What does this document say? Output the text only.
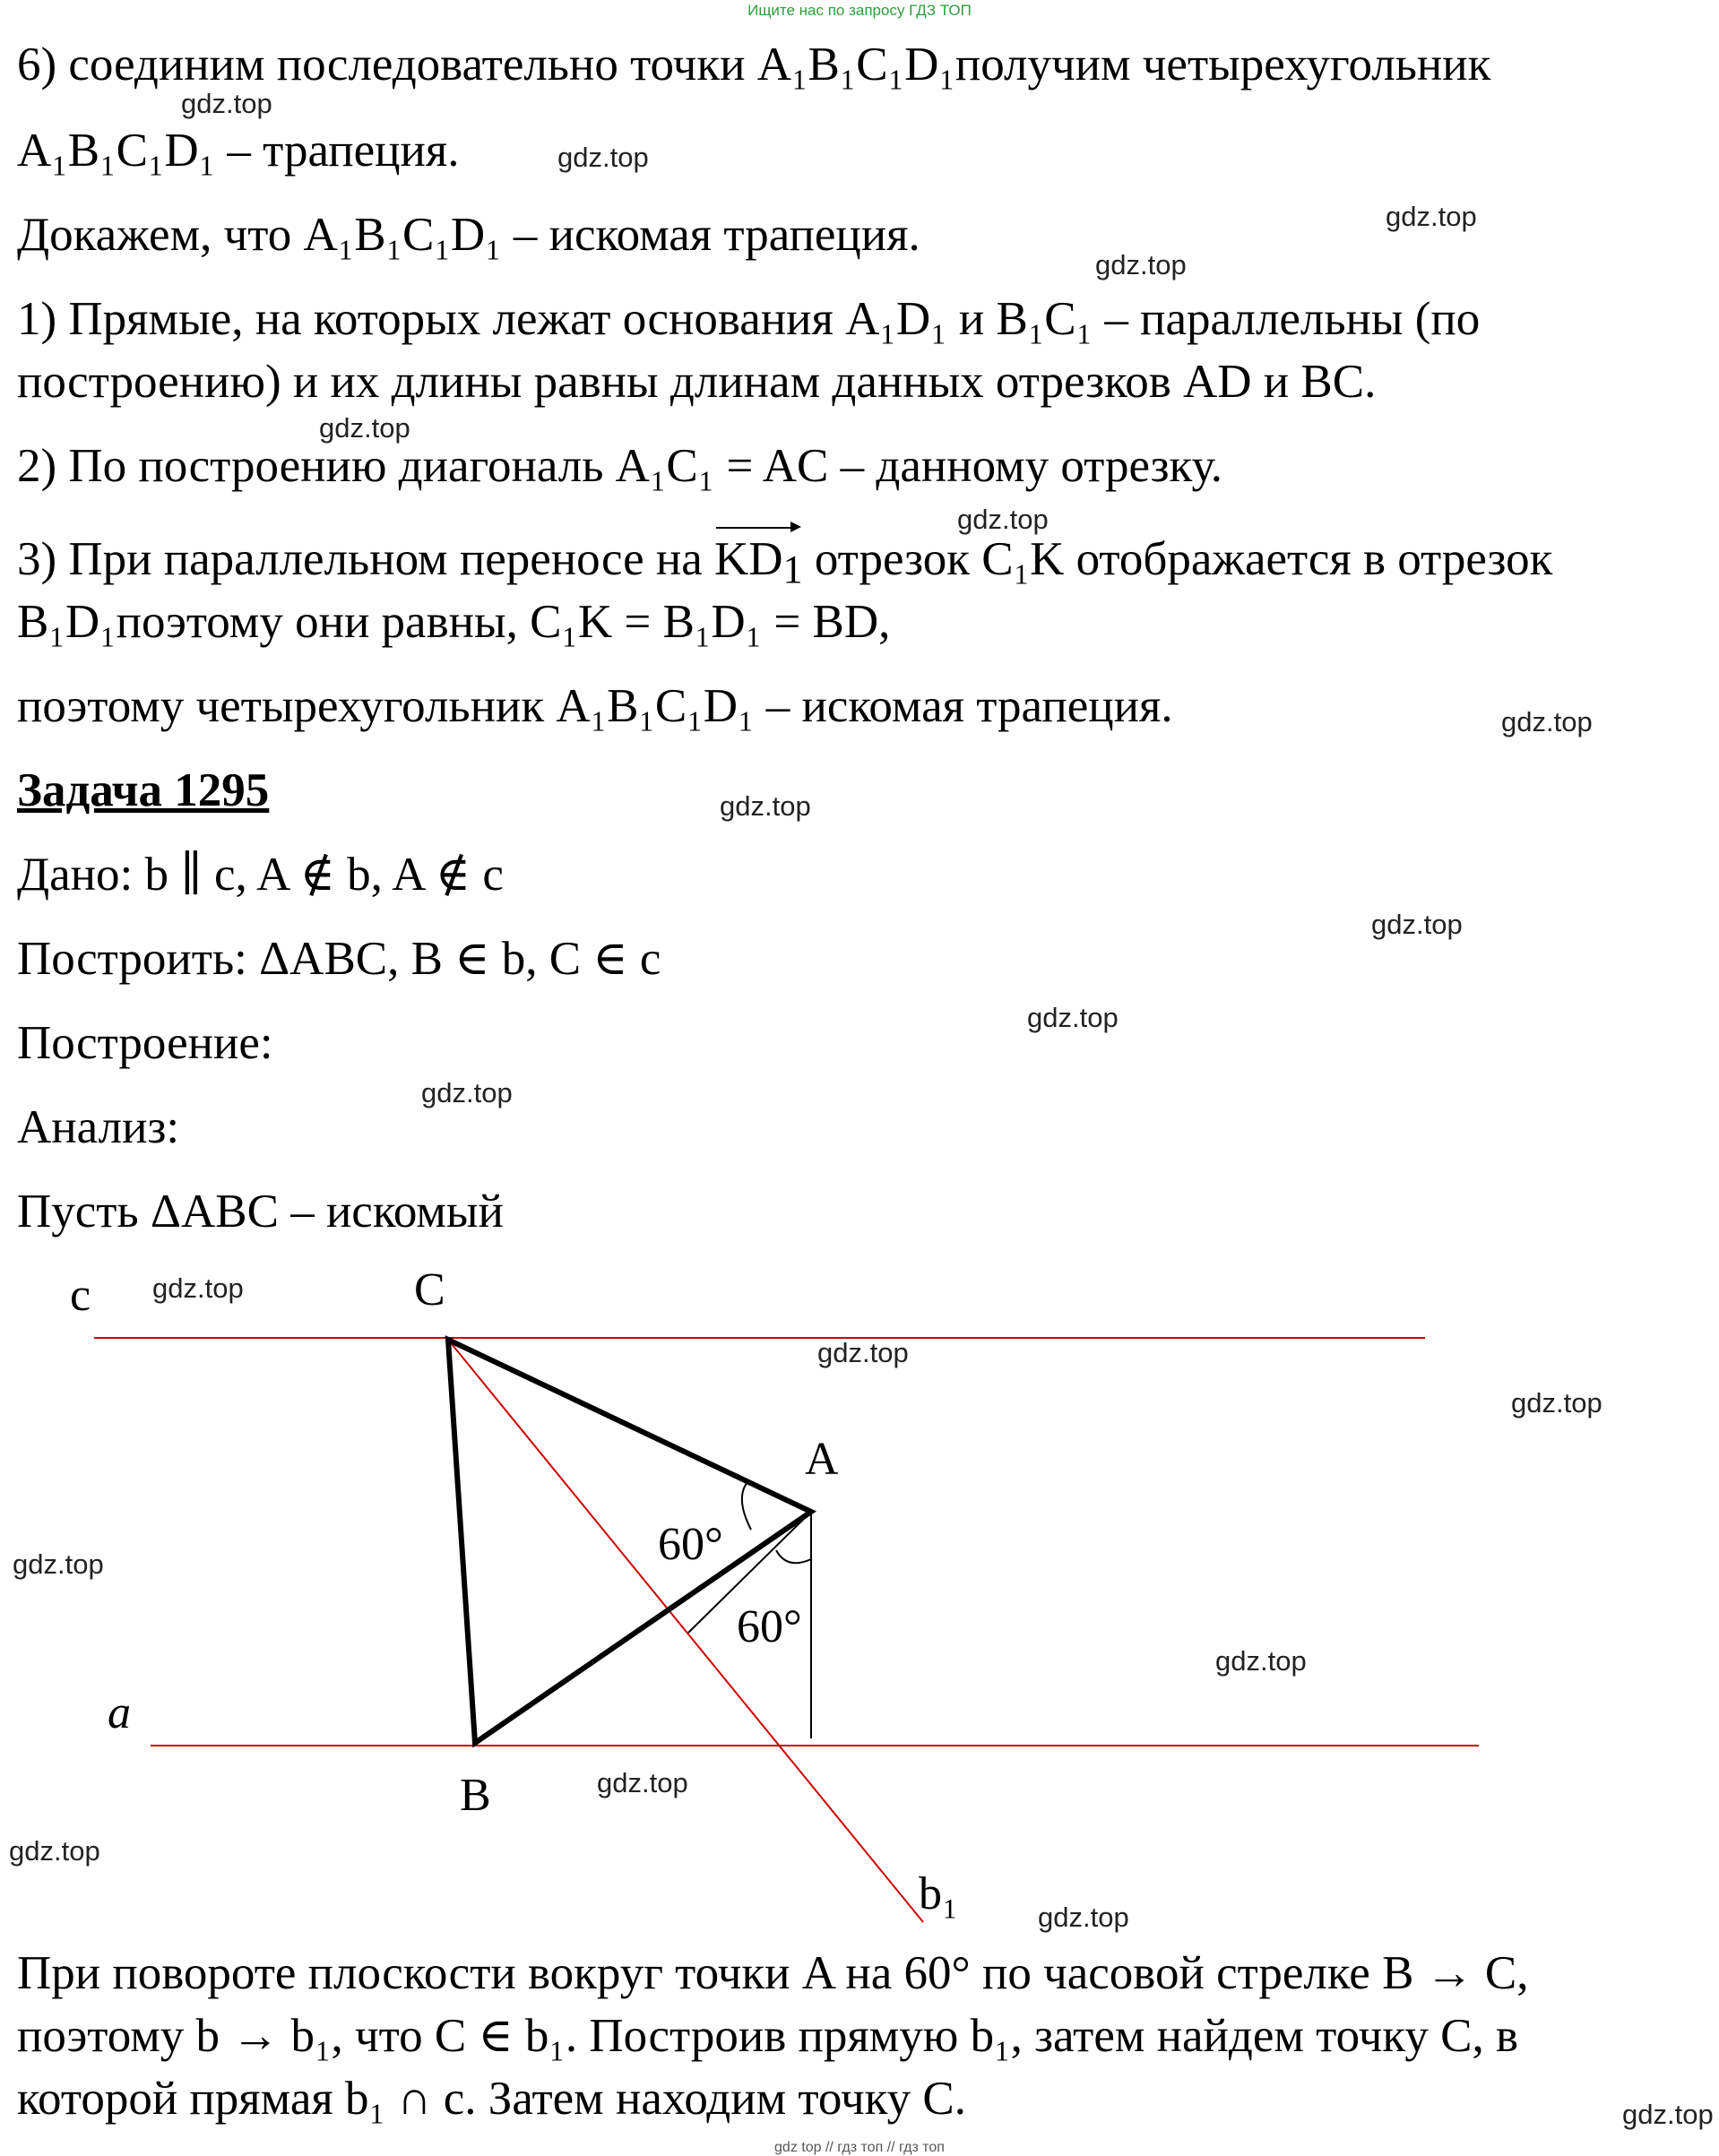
Ищите нас по запросу ГДЗ ТОП

6) соединим последовательно точки A₁B₁C₁D₁получим четырехугольник

A₁B₁C₁D₁ – трапеция.

Докажем, что A₁B₁C₁D₁ – искомая трапеция.

1) Прямые, на которых лежат основания A₁D₁ и B₁C₁ – параллельны (по

построению) и их длины равны длинам данных отрезков AD и BC.

2) По построению диагональ A₁C₁ = AC – данному отрезку.

3) При параллельном переносе на KD1 отрезок C₁K отображается в отрезок

B₁D₁поэтому они равны, C₁K = B₁D₁ = BD,

поэтому четырехугольник A₁B₁C₁D₁ – искомая трапеция.

Задача 1295

Дано: b ∥ c, A ∉ b, A ∉ c

Построить: ΔABC, B ∈ b, C ∈ c

Построение:

Анализ:

Пусть ΔABC – искомый

c	C
A
a
B
b₁
60°
60°

При повороте плоскости вокруг точки A на 60° по часовой стрелке B → C,

поэтому b → b₁, что C ∈ b₁. Построив прямую b₁, затем найдем точку C, в

которой прямая b₁ ∩ c. Затем находим точку C.

gdz.top
gdz.top
gdz.top
gdz.top
gdz.top
gdz.top
gdz.top
gdz.top
gdz.top
gdz.top
gdz.top
gdz.top
gdz.top
gdz.top
gdz.top
gdz.top
gdz.top
gdz.top
gdz.top
gdz.top
gdz top // гдз топ // гдз топ
